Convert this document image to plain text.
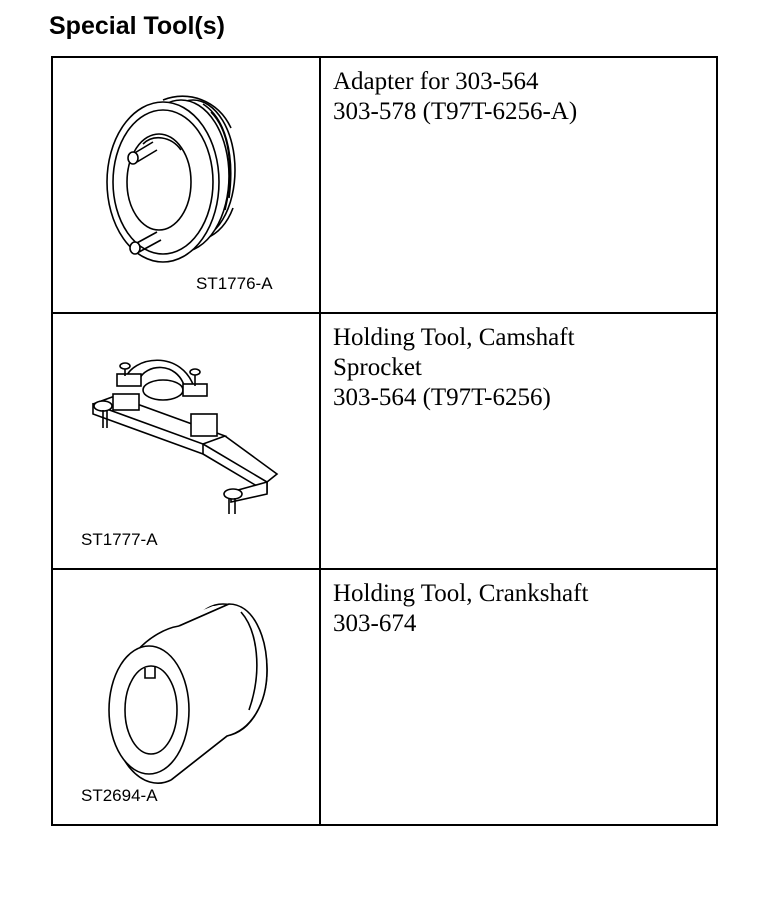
Special Tool(s)
ST1776-A
Adapter for 303-564
303-578 (T97T-6256-A)
ST1777-A
Holding Tool, Camshaft
Sprocket
303-564 (T97T-6256)
ST2694-A
Holding Tool, Crankshaft
303-674
